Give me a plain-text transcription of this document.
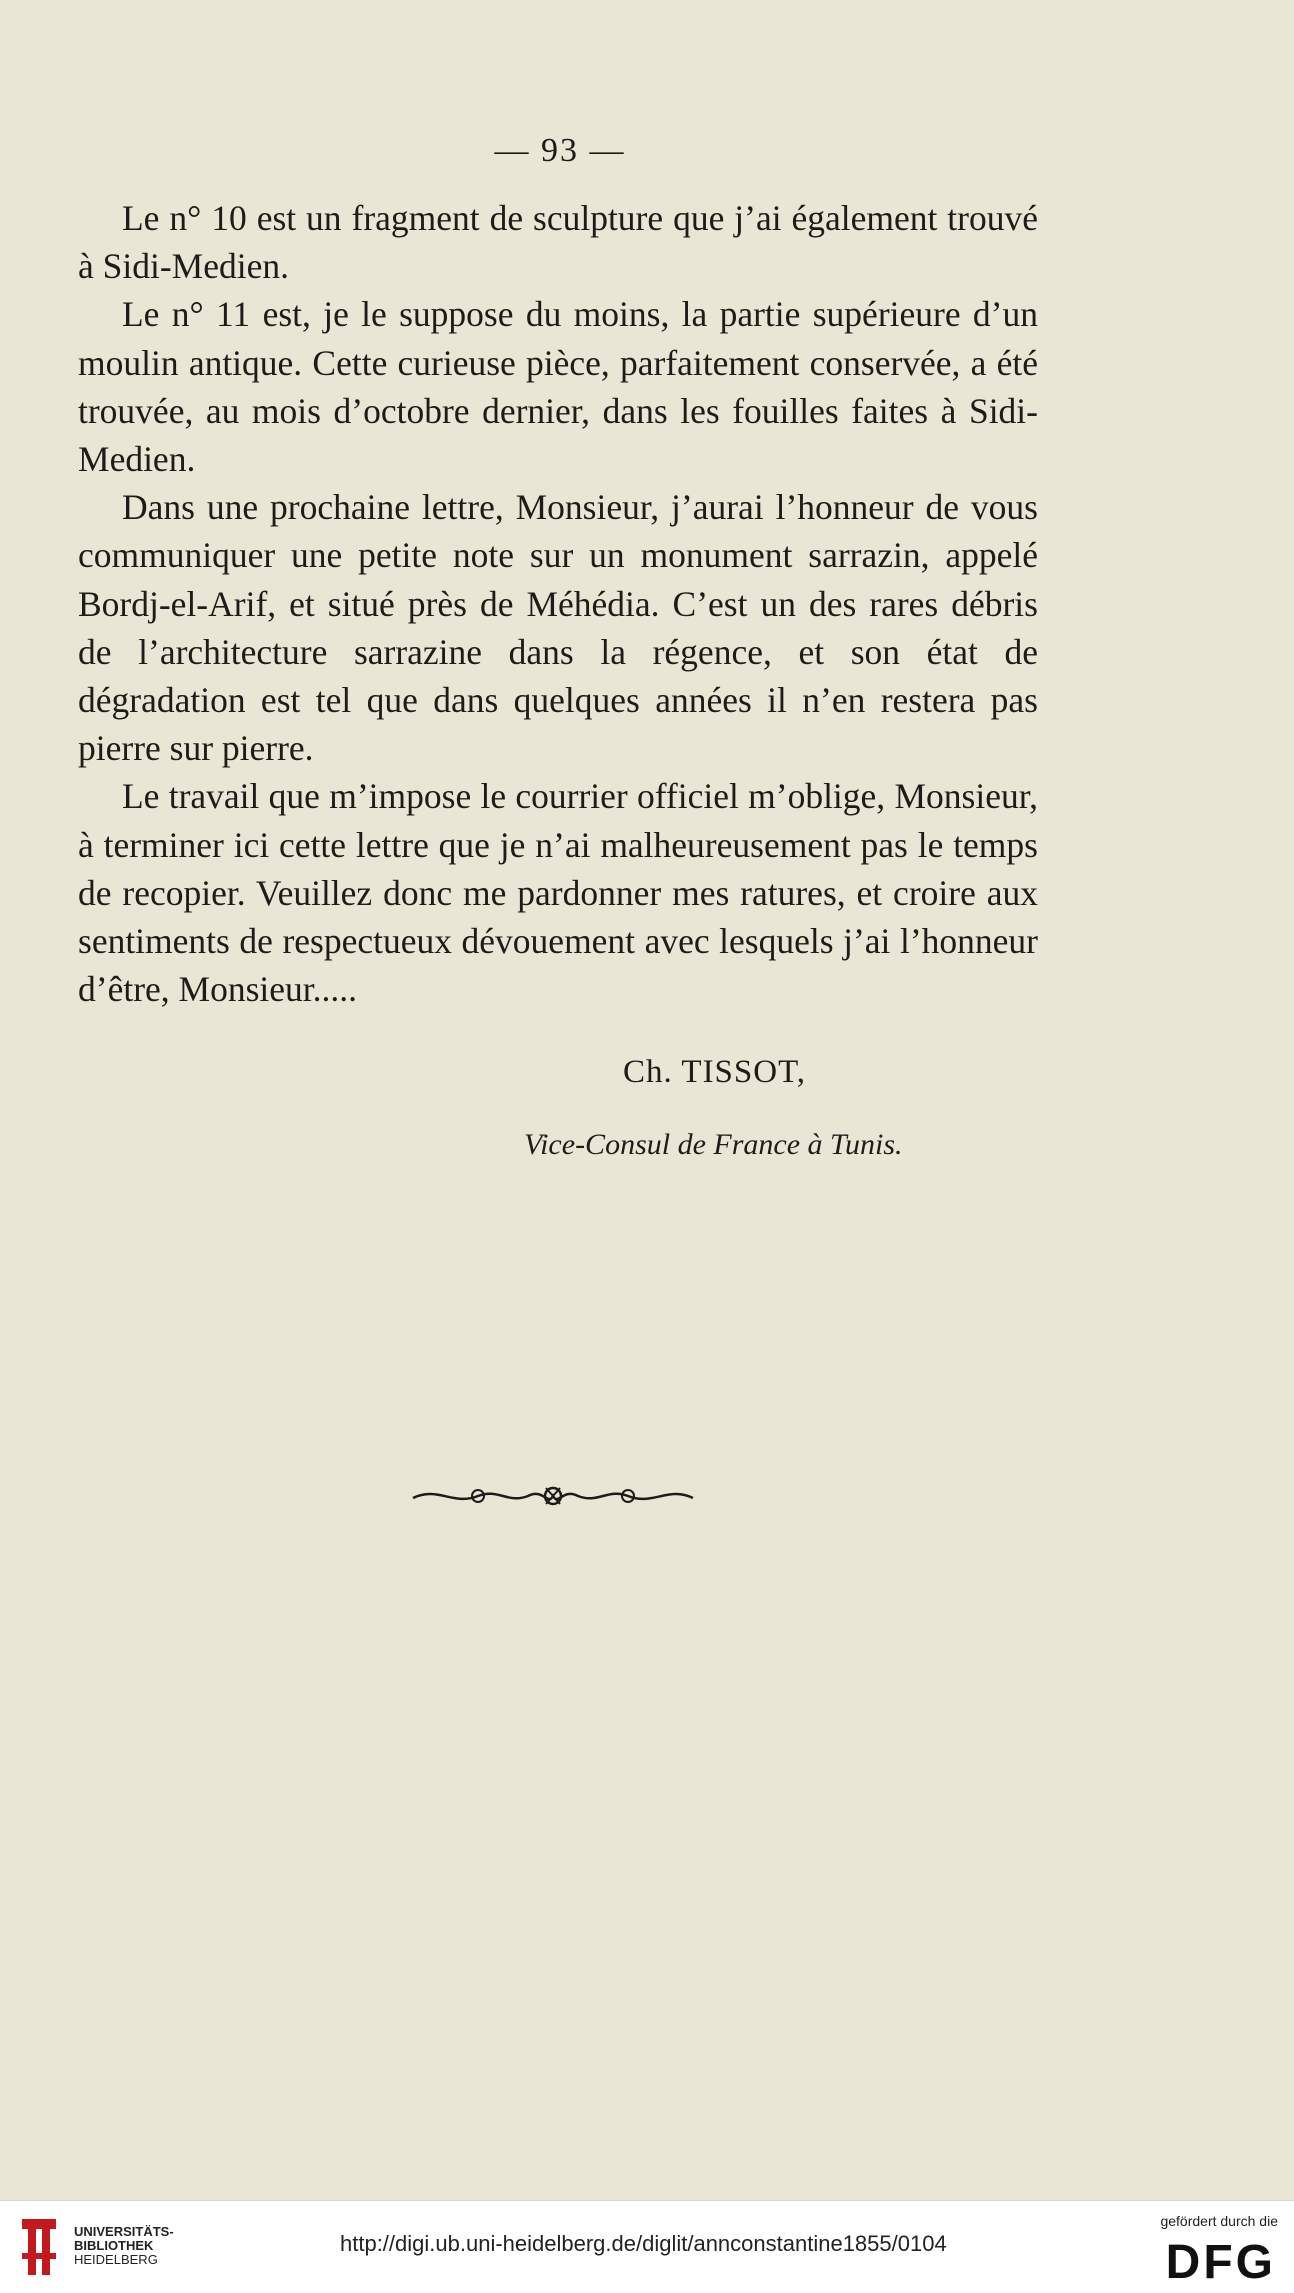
— 93 —

Le n° 10 est un fragment de sculpture que j’ai également trouvé à Sidi-Medien.

Le n° 11 est, je le suppose du moins, la partie supérieure d’un moulin antique. Cette curieuse pièce, parfaitement conservée, a été trouvée, au mois d’octobre dernier, dans les fouilles faites à Sidi-Medien.

Dans une prochaine lettre, Monsieur, j’aurai l’honneur de vous communiquer une petite note sur un monument sarrazin, appelé Bordj-el-Arif, et situé près de Méhédia. C’est un des rares débris de l’architecture sarrazine dans la régence, et son état de dégradation est tel que dans quelques années il n’en restera pas pierre sur pierre.

Le travail que m’impose le courrier officiel m’oblige, Monsieur, à terminer ici cette lettre que je n’ai malheureusement pas le temps de recopier. Veuillez donc me pardonner mes ratures, et croire aux sentiments de respectueux dévouement avec lesquels j’ai l’honneur d’être, Monsieur.....

Ch. TISSOT,
Vice-Consul de France à Tunis.
UNIVERSITÄTS-
BIBLIOTHEK
HEIDELBERG
http://digi.ub.uni-heidelberg.de/diglit/annconstantine1855/0104
gefördert durch die
DFG
